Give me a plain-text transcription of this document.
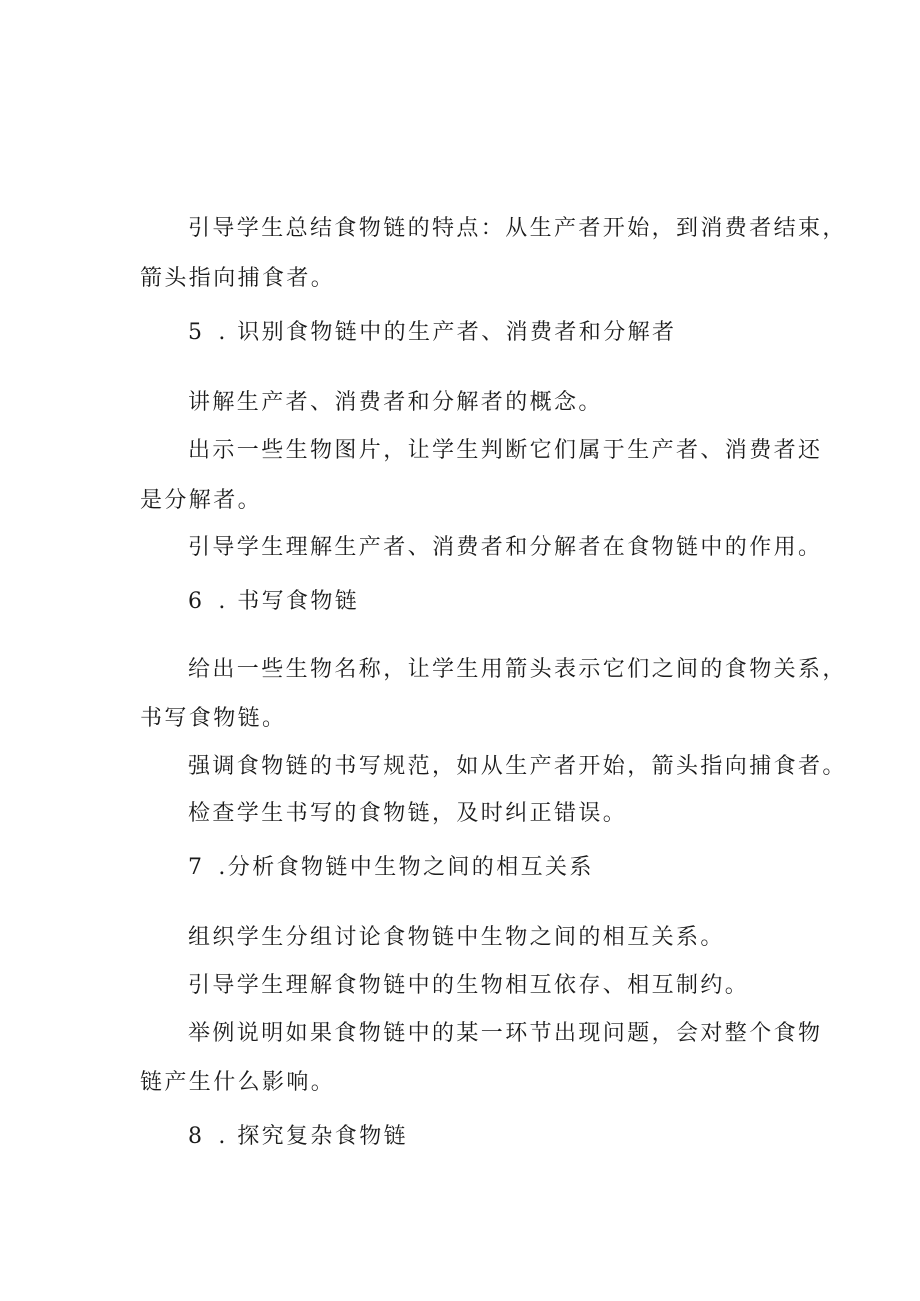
引导学生总结食物链的特点：从生产者开始，到消费者结束，
箭头指向捕食者。
5 . 识别食物链中的生产者、消费者和分解者
讲解生产者、消费者和分解者的概念。
出示一些生物图片，让学生判断它们属于生产者、消费者还
是分解者。
引导学生理解生产者、消费者和分解者在食物链中的作用。
6 . 书写食物链
给出一些生物名称，让学生用箭头表示它们之间的食物关系，
书写食物链。
强调食物链的书写规范，如从生产者开始，箭头指向捕食者。
检查学生书写的食物链，及时纠正错误。
7 .分析食物链中生物之间的相互关系
组织学生分组讨论食物链中生物之间的相互关系。
引导学生理解食物链中的生物相互依存、相互制约。
举例说明如果食物链中的某一环节出现问题，会对整个食物
链产生什么影响。
8 . 探究复杂食物链
